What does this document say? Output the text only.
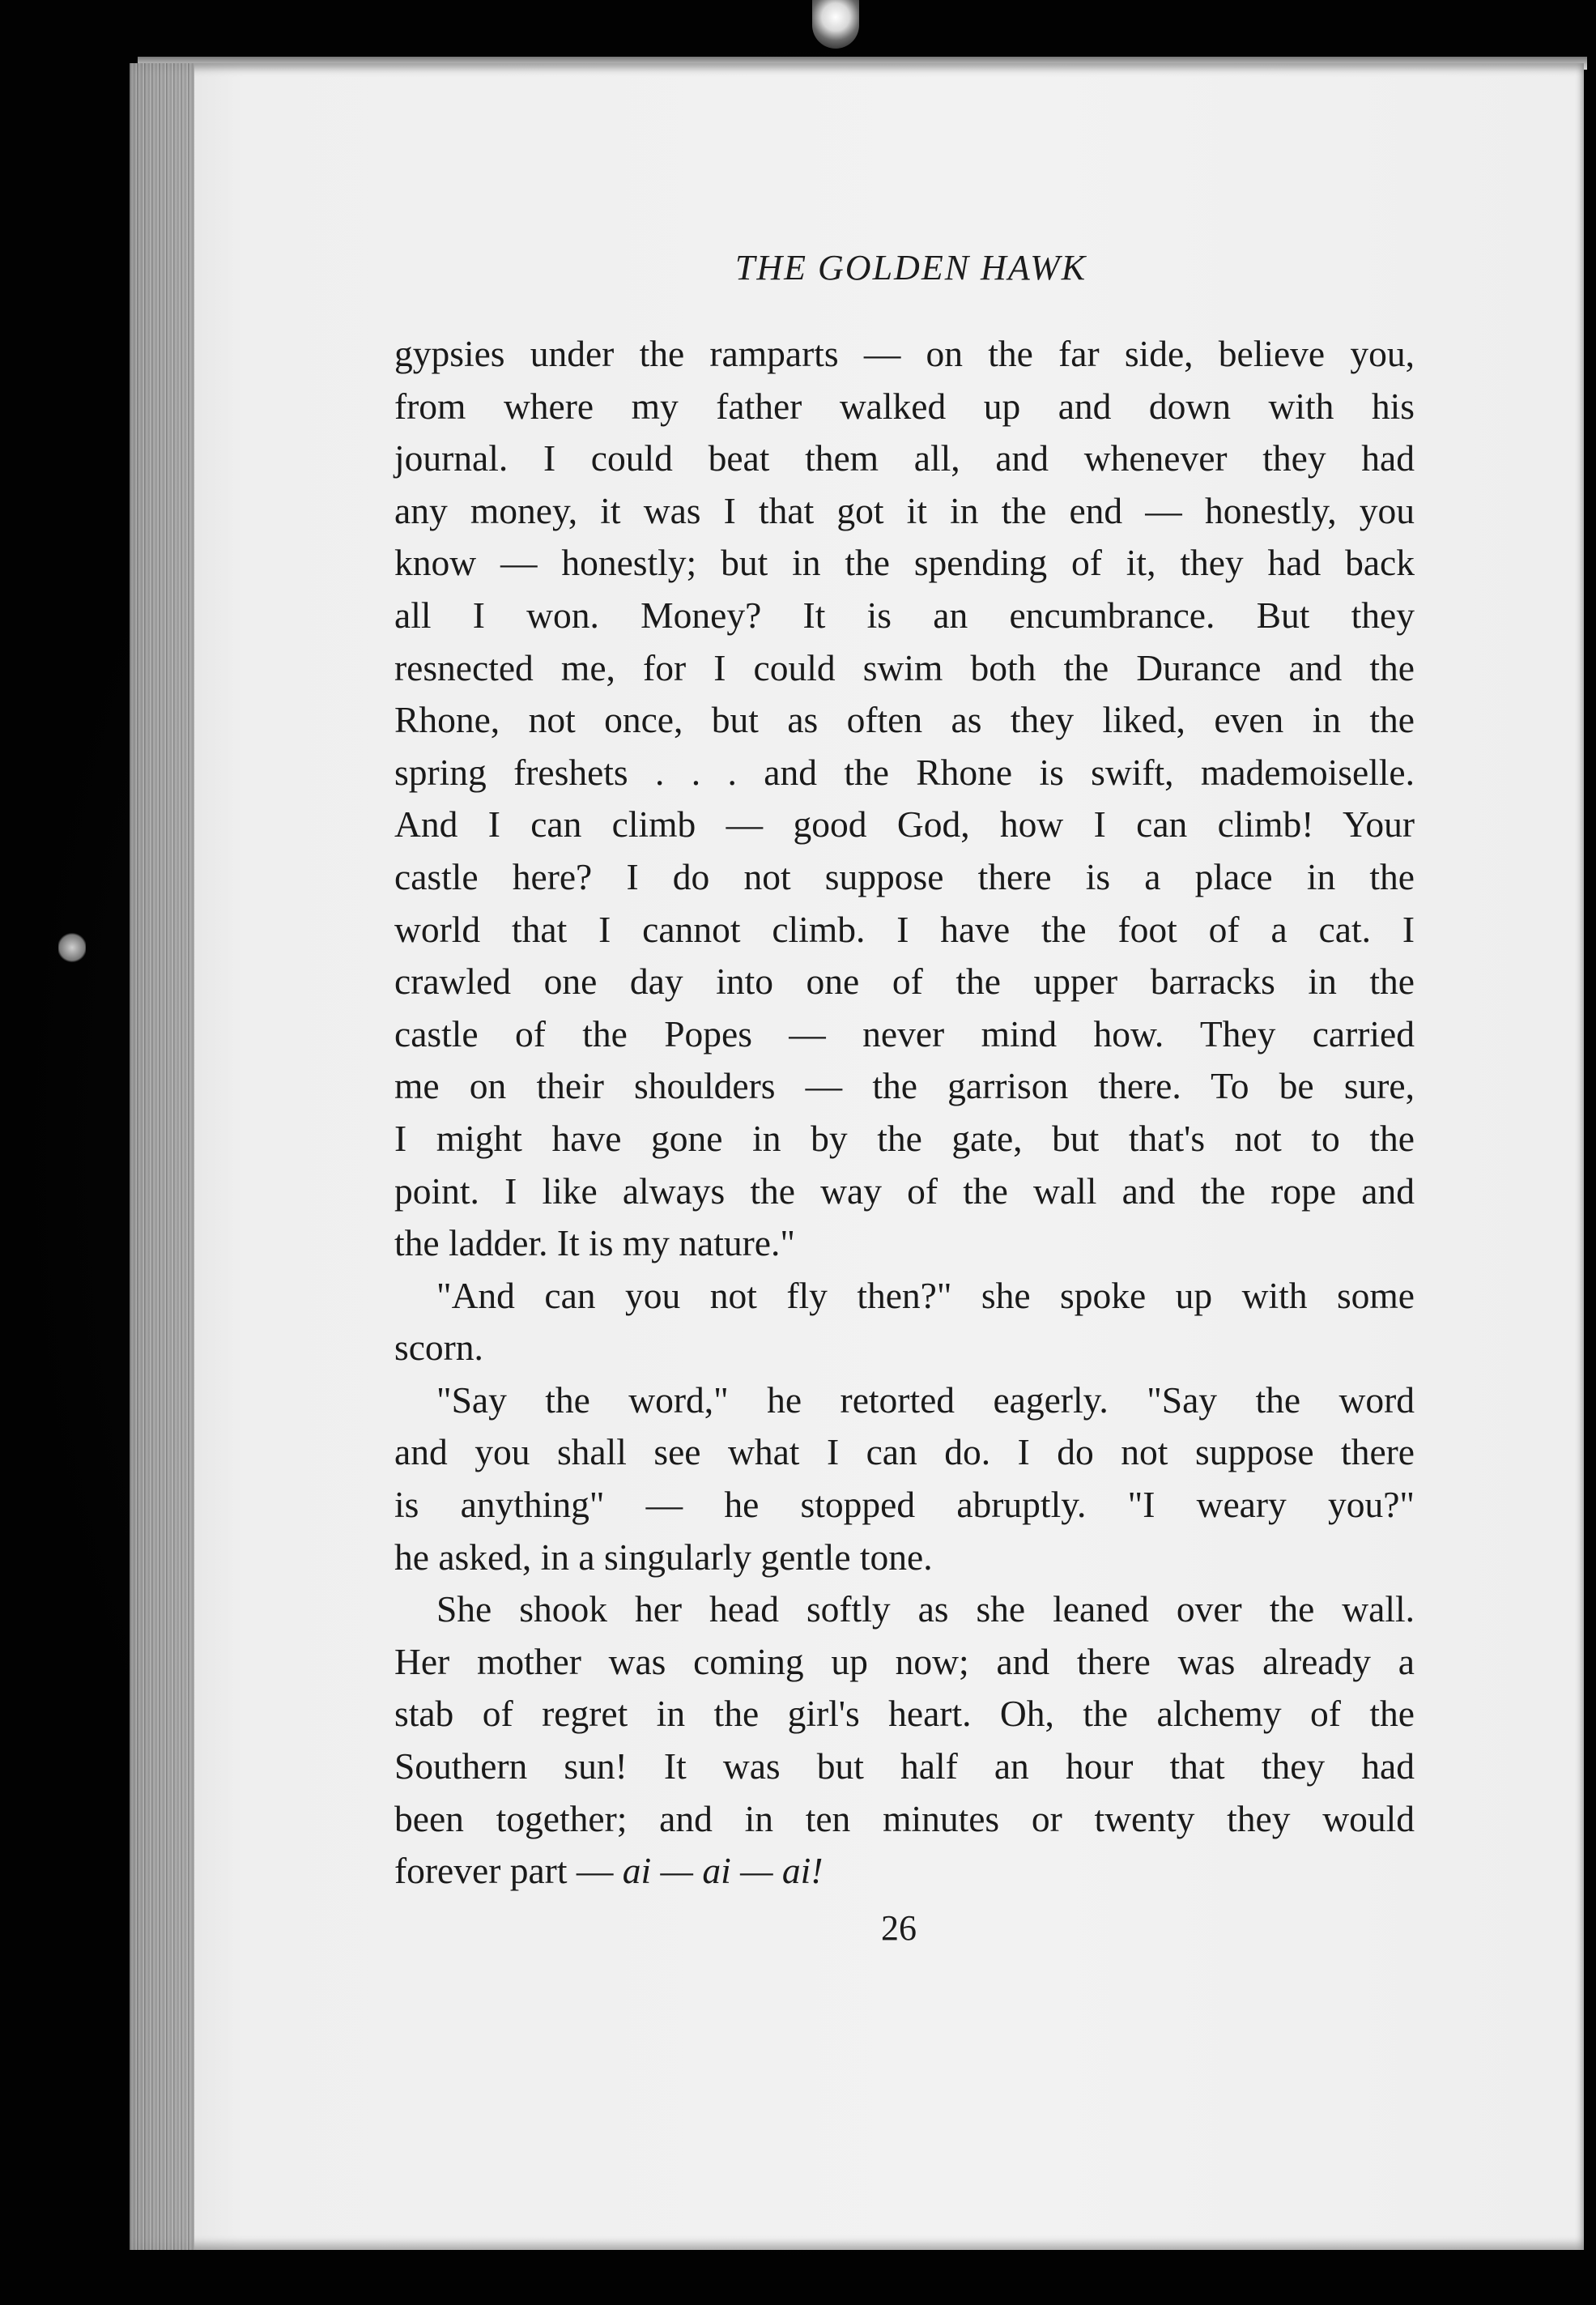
THE GOLDEN HAWK
gypsies under the ramparts — on the far side, believe you,
from where my father walked up and down with his
journal. I could beat them all, and whenever they had
any money, it was I that got it in the end — honestly, you
know — honestly; but in the spending of it, they had back
all I won. Money? It is an encumbrance. But they
resnected me, for I could swim both the Durance and the
Rhone, not once, but as often as they liked, even in the
spring freshets . . . and the Rhone is swift, mademoiselle.
And I can climb — good God, how I can climb! Your
castle here? I do not suppose there is a place in the
world that I cannot climb. I have the foot of a cat. I
crawled one day into one of the upper barracks in the
castle of the Popes — never mind how. They carried
me on their shoulders — the garrison there. To be sure,
I might have gone in by the gate, but that's not to the
point. I like always the way of the wall and the rope and
the ladder. It is my nature."
"And can you not fly then?" she spoke up with some
scorn.
"Say the word," he retorted eagerly. "Say the word
and you shall see what I can do. I do not suppose there
is anything" — he stopped abruptly. "I weary you?"
he asked, in a singularly gentle tone.
She shook her head softly as she leaned over the wall.
Her mother was coming up now; and there was already a
stab of regret in the girl's heart. Oh, the alchemy of the
Southern sun! It was but half an hour that they had
been together; and in ten minutes or twenty they would
forever part — ai — ai — ai!
26
